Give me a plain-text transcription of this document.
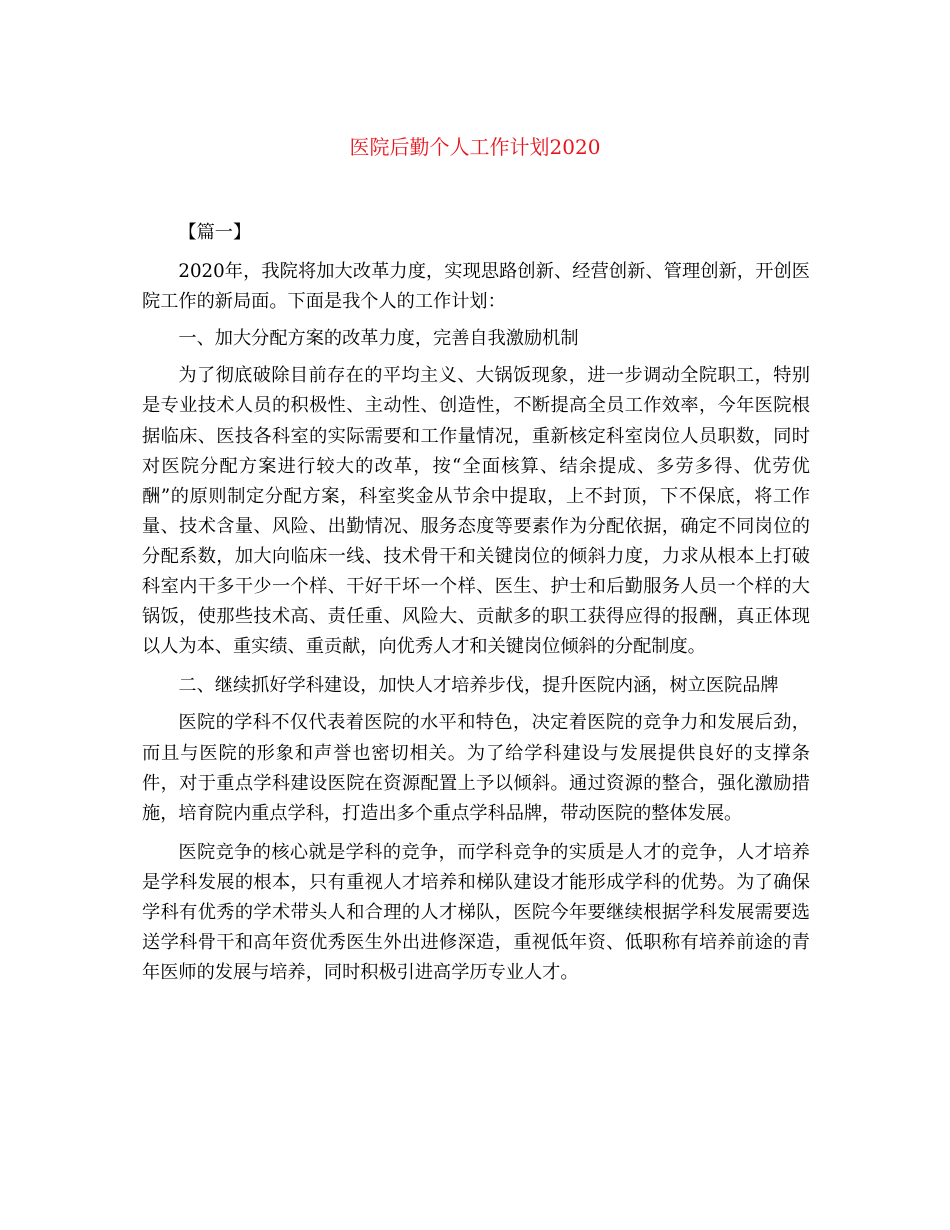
医院后勤个人工作计划2020

【篇一】

2020年，我院将加大改革力度，实现思路创新、经营创新、管理创新，开创医院工作的新局面。下面是我个人的工作计划：

一、加大分配方案的改革力度，完善自我激励机制

为了彻底破除目前存在的平均主义、大锅饭现象，进一步调动全院职工，特别是专业技术人员的积极性、主动性、创造性，不断提高全员工作效率，今年医院根据临床、医技各科室的实际需要和工作量情况，重新核定科室岗位人员职数，同时对医院分配方案进行较大的改革，按“全面核算、结余提成、多劳多得、优劳优酬”的原则制定分配方案，科室奖金从节余中提取，上不封顶，下不保底，将工作量、技术含量、风险、出勤情况、服务态度等要素作为分配依据，确定不同岗位的分配系数，加大向临床一线、技术骨干和关键岗位的倾斜力度，力求从根本上打破科室内干多干少一个样、干好干坏一个样、医生、护士和后勤服务人员一个样的大锅饭，使那些技术高、责任重、风险大、贡献多的职工获得应得的报酬，真正体现以人为本、重实绩、重贡献，向优秀人才和关键岗位倾斜的分配制度。

二、继续抓好学科建设，加快人才培养步伐，提升医院内涵，树立医院品牌

医院的学科不仅代表着医院的水平和特色，决定着医院的竞争力和发展后劲，而且与医院的形象和声誉也密切相关。为了给学科建设与发展提供良好的支撑条件，对于重点学科建设医院在资源配置上予以倾斜。通过资源的整合，强化激励措施，培育院内重点学科，打造出多个重点学科品牌，带动医院的整体发展。

医院竞争的核心就是学科的竞争，而学科竞争的实质是人才的竞争，人才培养是学科发展的根本，只有重视人才培养和梯队建设才能形成学科的优势。为了确保学科有优秀的学术带头人和合理的人才梯队，医院今年要继续根据学科发展需要选送学科骨干和高年资优秀医生外出进修深造，重视低年资、低职称有培养前途的青年医师的发展与培养，同时积极引进高学历专业人才。
